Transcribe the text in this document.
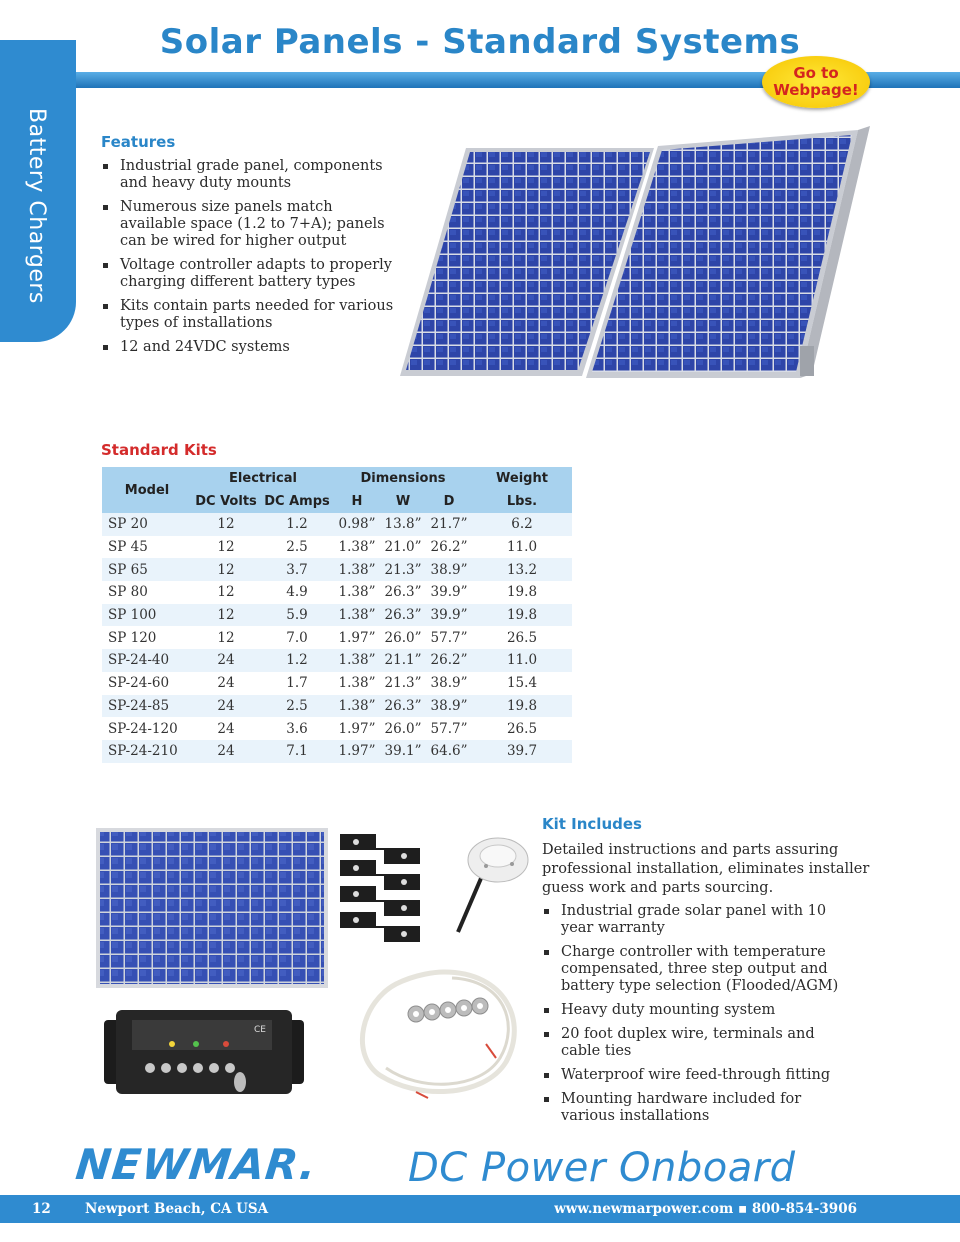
Battery Chargers
Solar Panels - Standard Systems
Go to
Webpage!
Features
Industrial grade panel, components and heavy duty mounts
Numerous size panels match available space (1.2 to 7+A); panels can be wired for higher output
Voltage controller adapts to properly charging different battery types
Kits contain parts needed for various types of installations
12 and 24VDC systems
Standard Kits
Model	Electrical		Dimensions			Weight
	DC Volts	DC Amps	H	W	D	Lbs.
SP 20	12	1.2	0.98”	13.8”	21.7”	6.2
SP 45	12	2.5	1.38”	21.0”	26.2”	11.0
SP 65	12	3.7	1.38”	21.3”	38.9”	13.2
SP 80	12	4.9	1.38”	26.3”	39.9”	19.8
SP 100	12	5.9	1.38”	26.3”	39.9”	19.8
SP 120	12	7.0	1.97”	26.0”	57.7”	26.5
SP-24-40	24	1.2	1.38”	21.1”	26.2”	11.0
SP-24-60	24	1.7	1.38”	21.3”	38.9”	15.4
SP-24-85	24	2.5	1.38”	26.3”	38.9”	19.8
SP-24-120	24	3.6	1.97”	26.0”	57.7”	26.5
SP-24-210	24	7.1	1.97”	39.1”	64.6”	39.7
CE
Kit Includes

Detailed instructions and parts assuring professional installation, eliminates installer guess work and parts sourcing.

Industrial grade solar panel with 10 year warranty
Charge controller with temperature compensated, three step output and battery type selection (Flooded/AGM)
Heavy duty mounting system
20 foot duplex wire, terminals and cable ties
Waterproof wire feed-through fitting
Mounting hardware included for various installations
NEWMAR. DC Power Onboard
12	Newport Beach, CA USA	www.newmarpower.com ▪ 800-854-3906
